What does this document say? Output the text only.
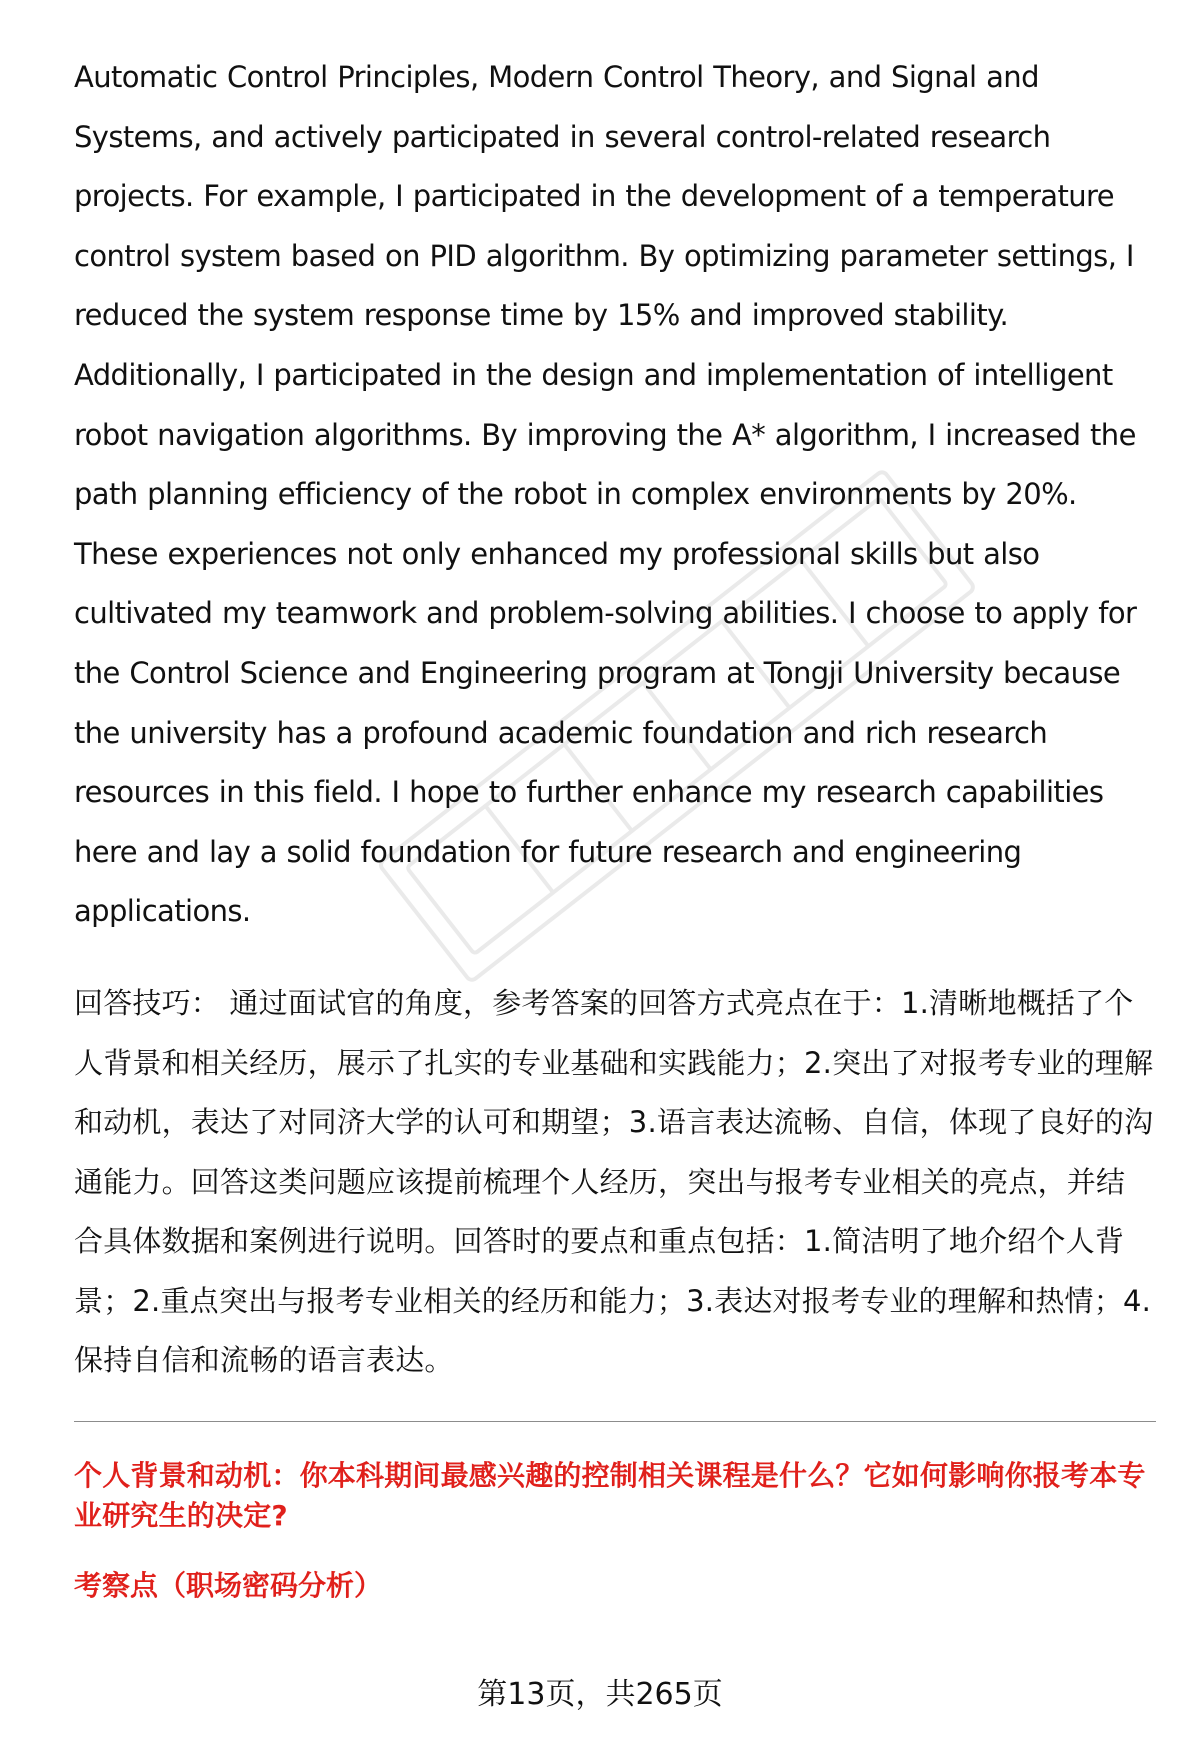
Automatic Control Principles, Modern Control Theory, and Signal and Systems, and actively participated in several control-related research projects. For example, I participated in the development of a temperature control system based on PID algorithm. By optimizing parameter settings, I reduced the system response time by 15% and improved stability. Additionally, I participated in the design and implementation of intelligent robot navigation algorithms. By improving the A* algorithm, I increased the path planning efficiency of the robot in complex environments by 20%. These experiences not only enhanced my professional skills but also cultivated my teamwork and problem-solving abilities. I choose to apply for the Control Science and Engineering program at Tongji University because the university has a profound academic foundation and rich research resources in this field. I hope to further enhance my research capabilities here and lay a solid foundation for future research and engineering applications.

回答技巧： 通过面试官的角度，参考答案的回答方式亮点在于：1.清晰地概括了个人背景和相关经历，展示了扎实的专业基础和实践能力；2.突出了对报考专业的理解和动机，表达了对同济大学的认可和期望；3.语言表达流畅、自信，体现了良好的沟通能力。回答这类问题应该提前梳理个人经历，突出与报考专业相关的亮点，并结合具体数据和案例进行说明。回答时的要点和重点包括：1.简洁明了地介绍个人背景；2.重点突出与报考专业相关的经历和能力；3.表达对报考专业的理解和热情；4.保持自信和流畅的语言表达。

个人背景和动机：你本科期间最感兴趣的控制相关课程是什么？它如何影响你报考本专业研究生的决定?
考察点（职场密码分析）
第13页，共265页
